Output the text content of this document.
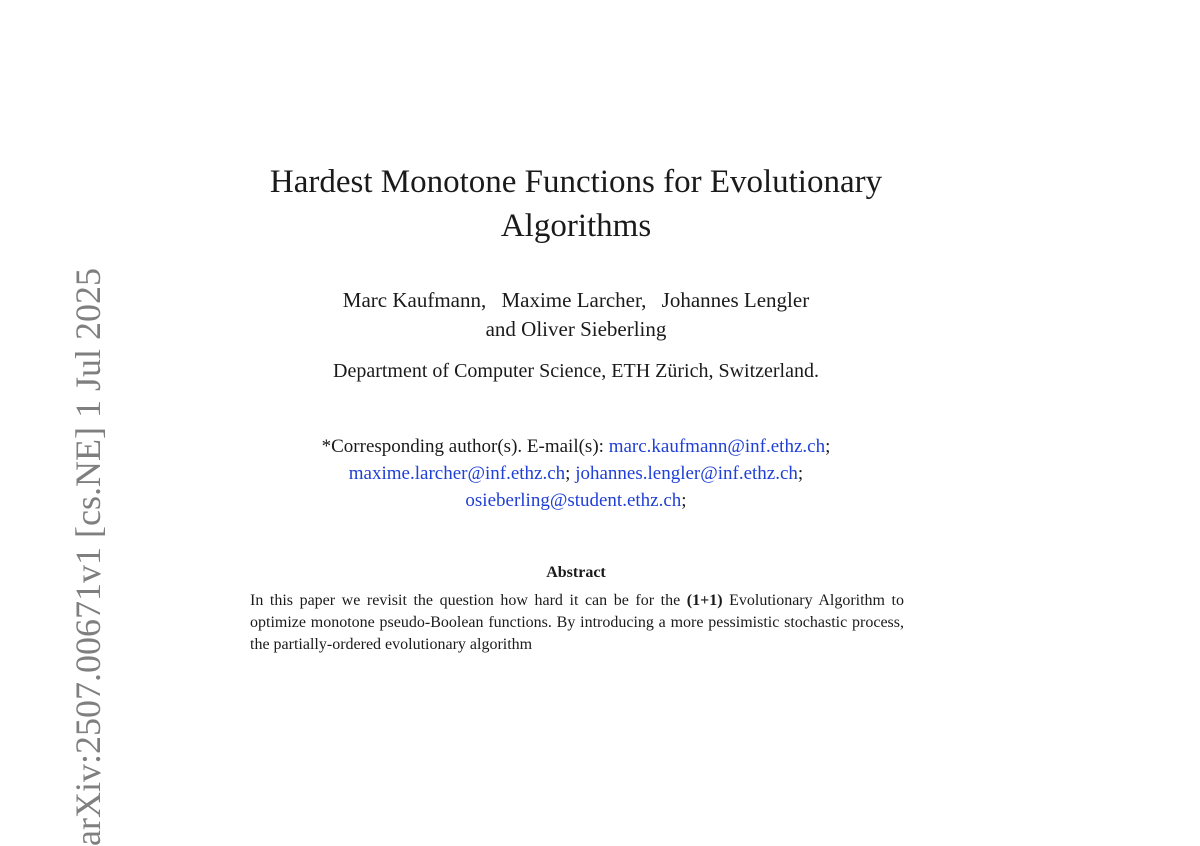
arXiv:2507.00671v1 [cs.NE] 1 Jul 2025
Hardest Monotone Functions for Evolutionary Algorithms
Marc Kaufmann, Maxime Larcher, Johannes Lengler
and Oliver Sieberling
Department of Computer Science, ETH Zürich, Switzerland.
*Corresponding author(s). E-mail(s): marc.kaufmann@inf.ethz.ch;
maxime.larcher@inf.ethz.ch; johannes.lengler@inf.ethz.ch;
osieberling@student.ethz.ch;
Abstract
In this paper we revisit the question how hard it can be for the (1+1) Evolutionary Algorithm to optimize monotone pseudo-Boolean functions. By introducing a more pessimistic stochastic process, the partially-ordered evolutionary algorithm
